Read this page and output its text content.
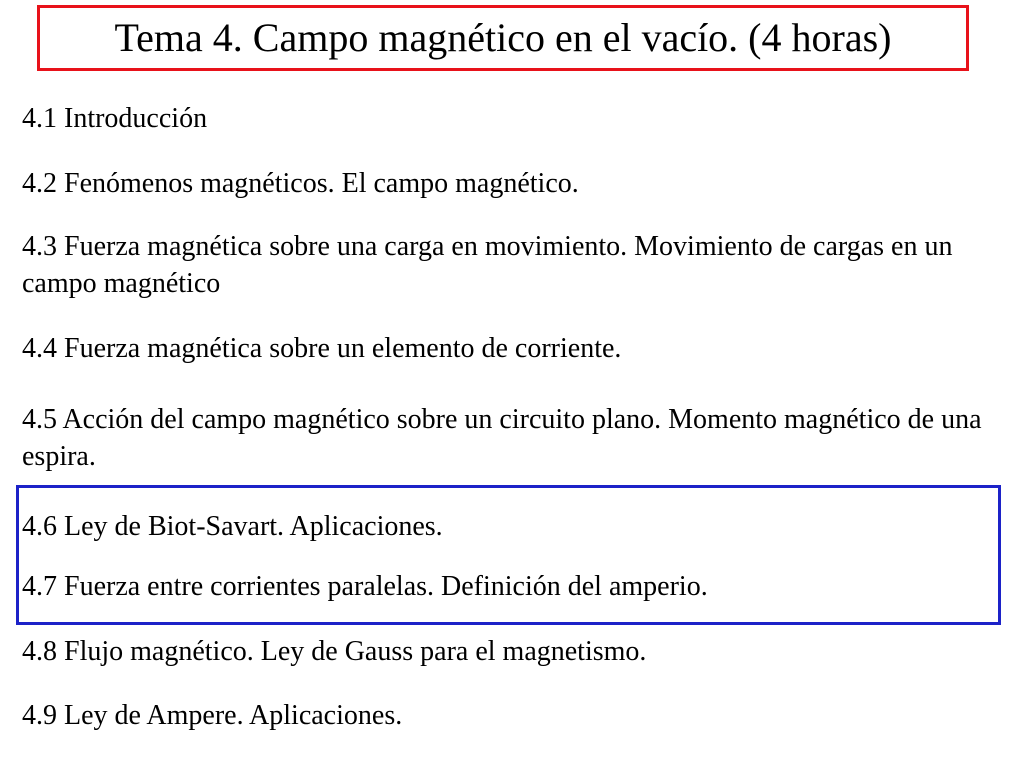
Tema 4. Campo magnético en el vacío. (4 horas)

4.1 Introducción

4.2 Fenómenos magnéticos. El campo magnético.

4.3 Fuerza magnética sobre una carga en movimiento. Movimiento de cargas en un campo magnético

4.4 Fuerza magnética sobre un elemento de corriente.

4.5 Acción del campo magnético sobre un circuito plano. Momento magnético de una espira.

4.6 Ley de Biot-Savart. Aplicaciones.

4.7 Fuerza entre corrientes paralelas. Definición del amperio.

4.8 Flujo magnético. Ley de Gauss para el magnetismo.

4.9 Ley de Ampere. Aplicaciones.
